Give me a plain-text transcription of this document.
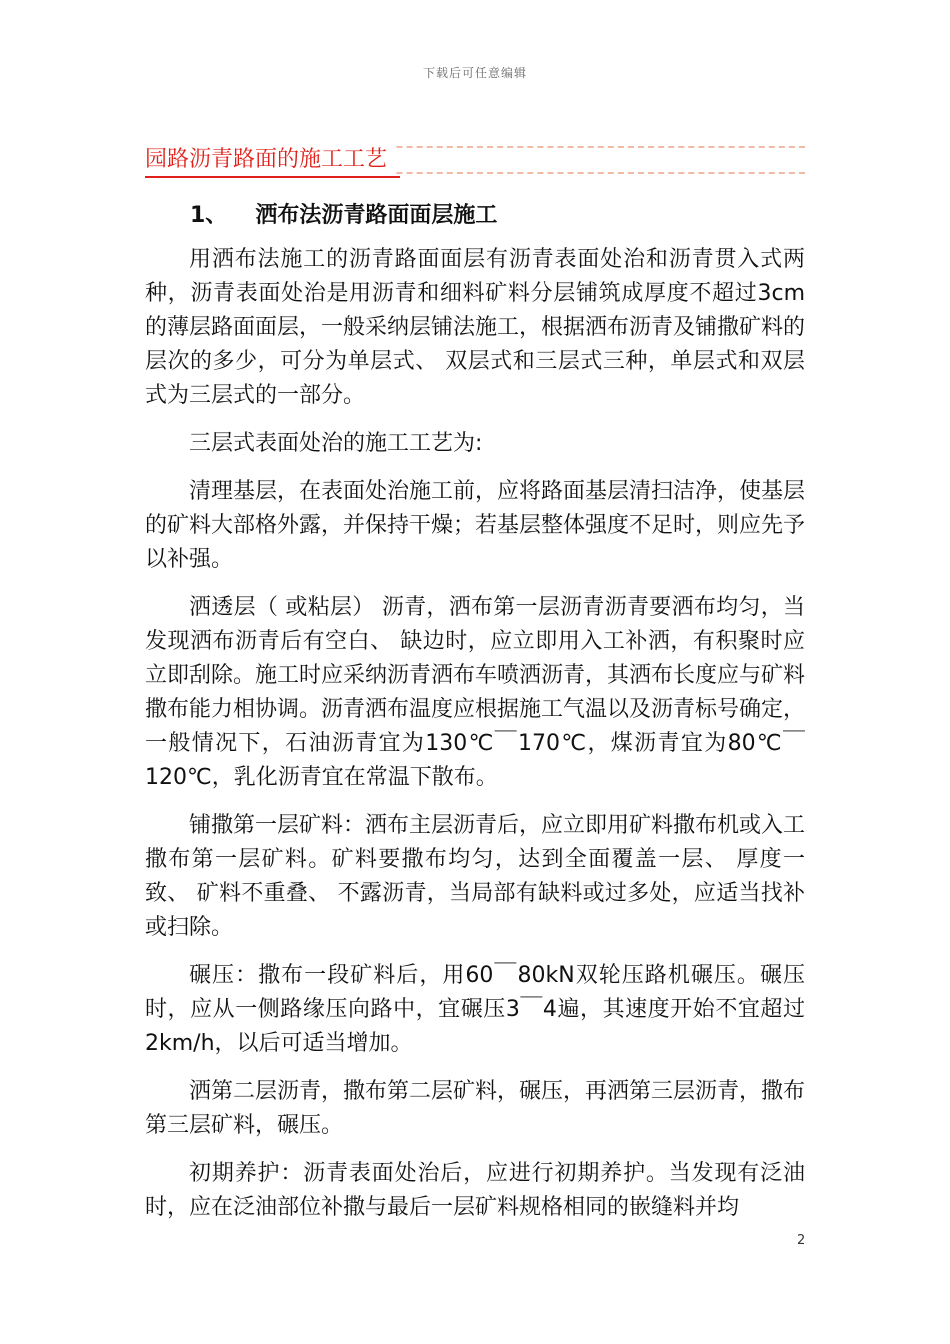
下载后可任意编辑
园路沥青路面的施工工艺
1、 洒布法沥青路面面层施工

用洒布法施工的沥青路面面层有沥青表面处治和沥青贯入式两种，沥青表面处治是用沥青和细料矿料分层铺筑成厚度不超过3cm的薄层路面面层，一般采纳层铺法施工，根据洒布沥青及铺撒矿料的层次的多少，可分为单层式、 双层式和三层式三种，单层式和双层式为三层式的一部分。

三层式表面处治的施工工艺为:

清理基层，在表面处治施工前，应将路面基层清扫洁净，使基层的矿料大部格外露，并保持干燥；若基层整体强度不足时，则应先予以补强。

洒透层（ 或粘层） 沥青，洒布第一层沥青沥青要洒布均匀，当发现洒布沥青后有空白、 缺边时，应立即用入工补洒，有积聚时应立即刮除。施工时应采纳沥青洒布车喷洒沥青，其洒布长度应与矿料撒布能力相协调。沥青洒布温度应根据施工气温以及沥青标号确定，一般情况下，石油沥青宜为130℃￣170℃，煤沥青宜为80℃￣120℃，乳化沥青宜在常温下散布。

铺撒第一层矿料：洒布主层沥青后，应立即用矿料撒布机或入工撒布第一层矿料。矿料要撒布均匀，达到全面覆盖一层、 厚度一致、 矿料不重叠、 不露沥青，当局部有缺料或过多处，应适当找补或扫除。

碾压：撒布一段矿料后，用60￣80kN双轮压路机碾压。碾压时，应从一侧路缘压向路中，宜碾压3￣4遍，其速度开始不宜超过2km/h，以后可适当增加。

洒第二层沥青，撒布第二层矿料，碾压，再洒第三层沥青，撒布第三层矿料，碾压。

初期养护：沥青表面处治后，应进行初期养护。当发现有泛油时，应在泛油部位补撒与最后一层矿料规格相同的嵌缝料并均

2
